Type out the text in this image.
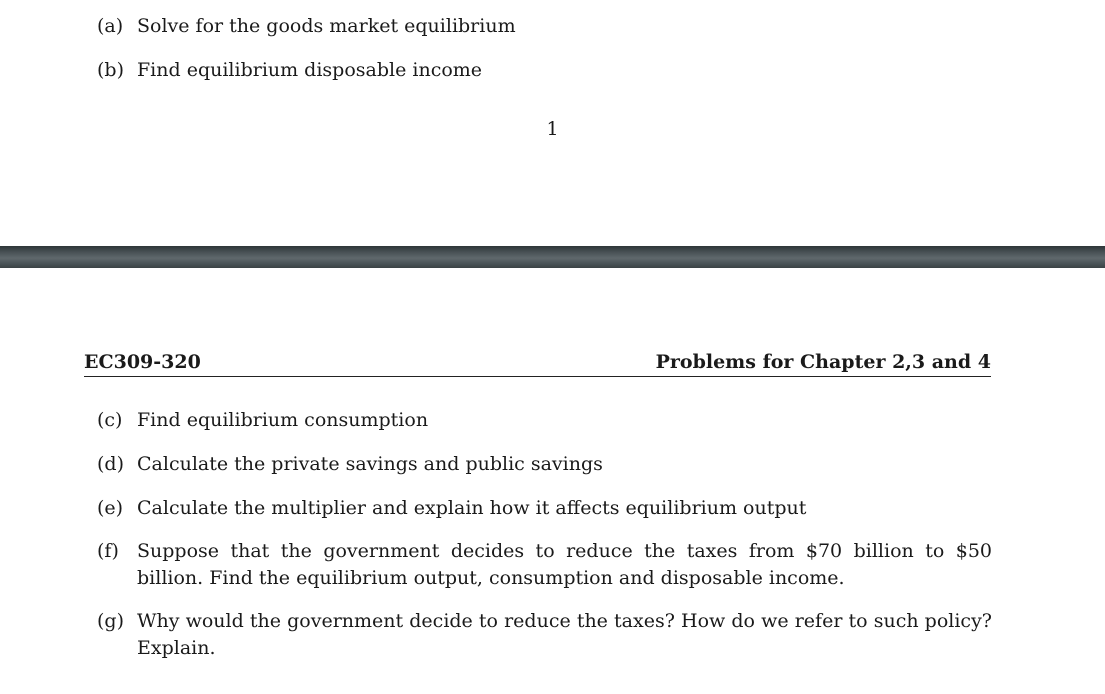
(a) Solve for the goods market equilibrium
(b) Find equilibrium disposable income
1
EC309-320	Problems for Chapter 2,3 and 4
(c) Find equilibrium consumption
(d) Calculate the private savings and public savings
(e) Calculate the multiplier and explain how it affects equilibrium output
(f) Suppose that the government decides to reduce the taxes from $70 billion to $50 billion. Find the equilibrium output, consumption and disposable income.
(g) Why would the government decide to reduce the taxes? How do we refer to such policy? Explain.
